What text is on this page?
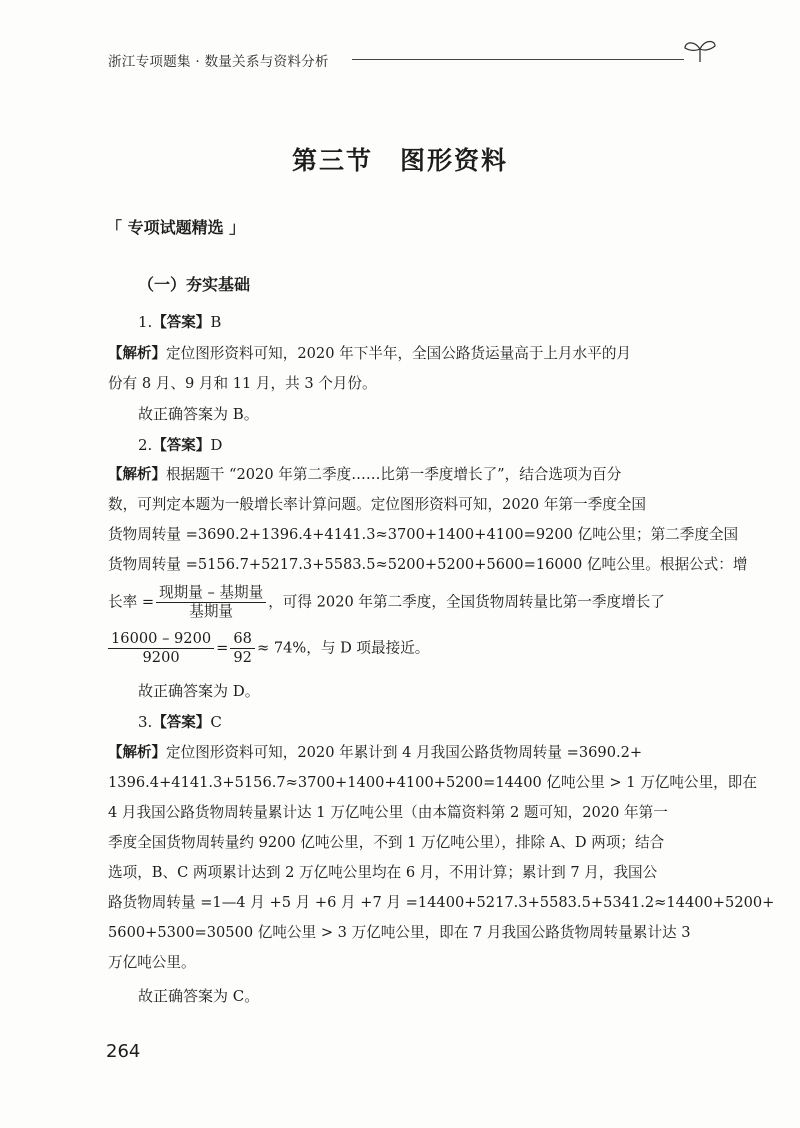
浙江专项题集 · 数量关系与资料分析
第三节　图形资料
「 专项试题精选 」
（一）夯实基础
1.【答案】B
【解析】定位图形资料可知，2020 年下半年，全国公路货运量高于上月水平的月
份有 8 月、9 月和 11 月，共 3 个月份。
故正确答案为 B。
2.【答案】D
【解析】根据题干 “2020 年第二季度……比第一季度增长了”，结合选项为百分
数，可判定本题为一般增长率计算问题。定位图形资料可知，2020 年第一季度全国
货物周转量 =3690.2+1396.4+4141.3≈3700+1400+4100=9200 亿吨公里；第二季度全国
货物周转量 =5156.7+5217.3+5583.5≈5200+5200+5600=16000 亿吨公里。根据公式：增
长率 = $\frac{\text{现期量 – 基期量}}{\text{基期量}}$ ，可得 2020 年第二季度，全国货物周转量比第一季度增长了
$\frac{16000 - 9200}{9200} = \frac{68}{92} \approx 74\%$，与 D 项最接近。
故正确答案为 D。
3.【答案】C
【解析】定位图形资料可知，2020 年累计到 4 月我国公路货物周转量 =3690.2+
1396.4+4141.3+5156.7≈3700+1400+4100+5200=14400 亿吨公里 > 1 万亿吨公里，即在
4 月我国公路货物周转量累计达 1 万亿吨公里（由本篇资料第 2 题可知，2020 年第一
季度全国货物周转量约 9200 亿吨公里，不到 1 万亿吨公里），排除 A、D 两项；结合
选项，B、C 两项累计达到 2 万亿吨公里均在 6 月，不用计算；累计到 7 月，我国公
路货物周转量 =1—4 月 +5 月 +6 月 +7 月 =14400+5217.3+5583.5+5341.2≈14400+5200+
5600+5300=30500 亿吨公里 > 3 万亿吨公里，即在 7 月我国公路货物周转量累计达 3
万亿吨公里。
故正确答案为 C。
264
